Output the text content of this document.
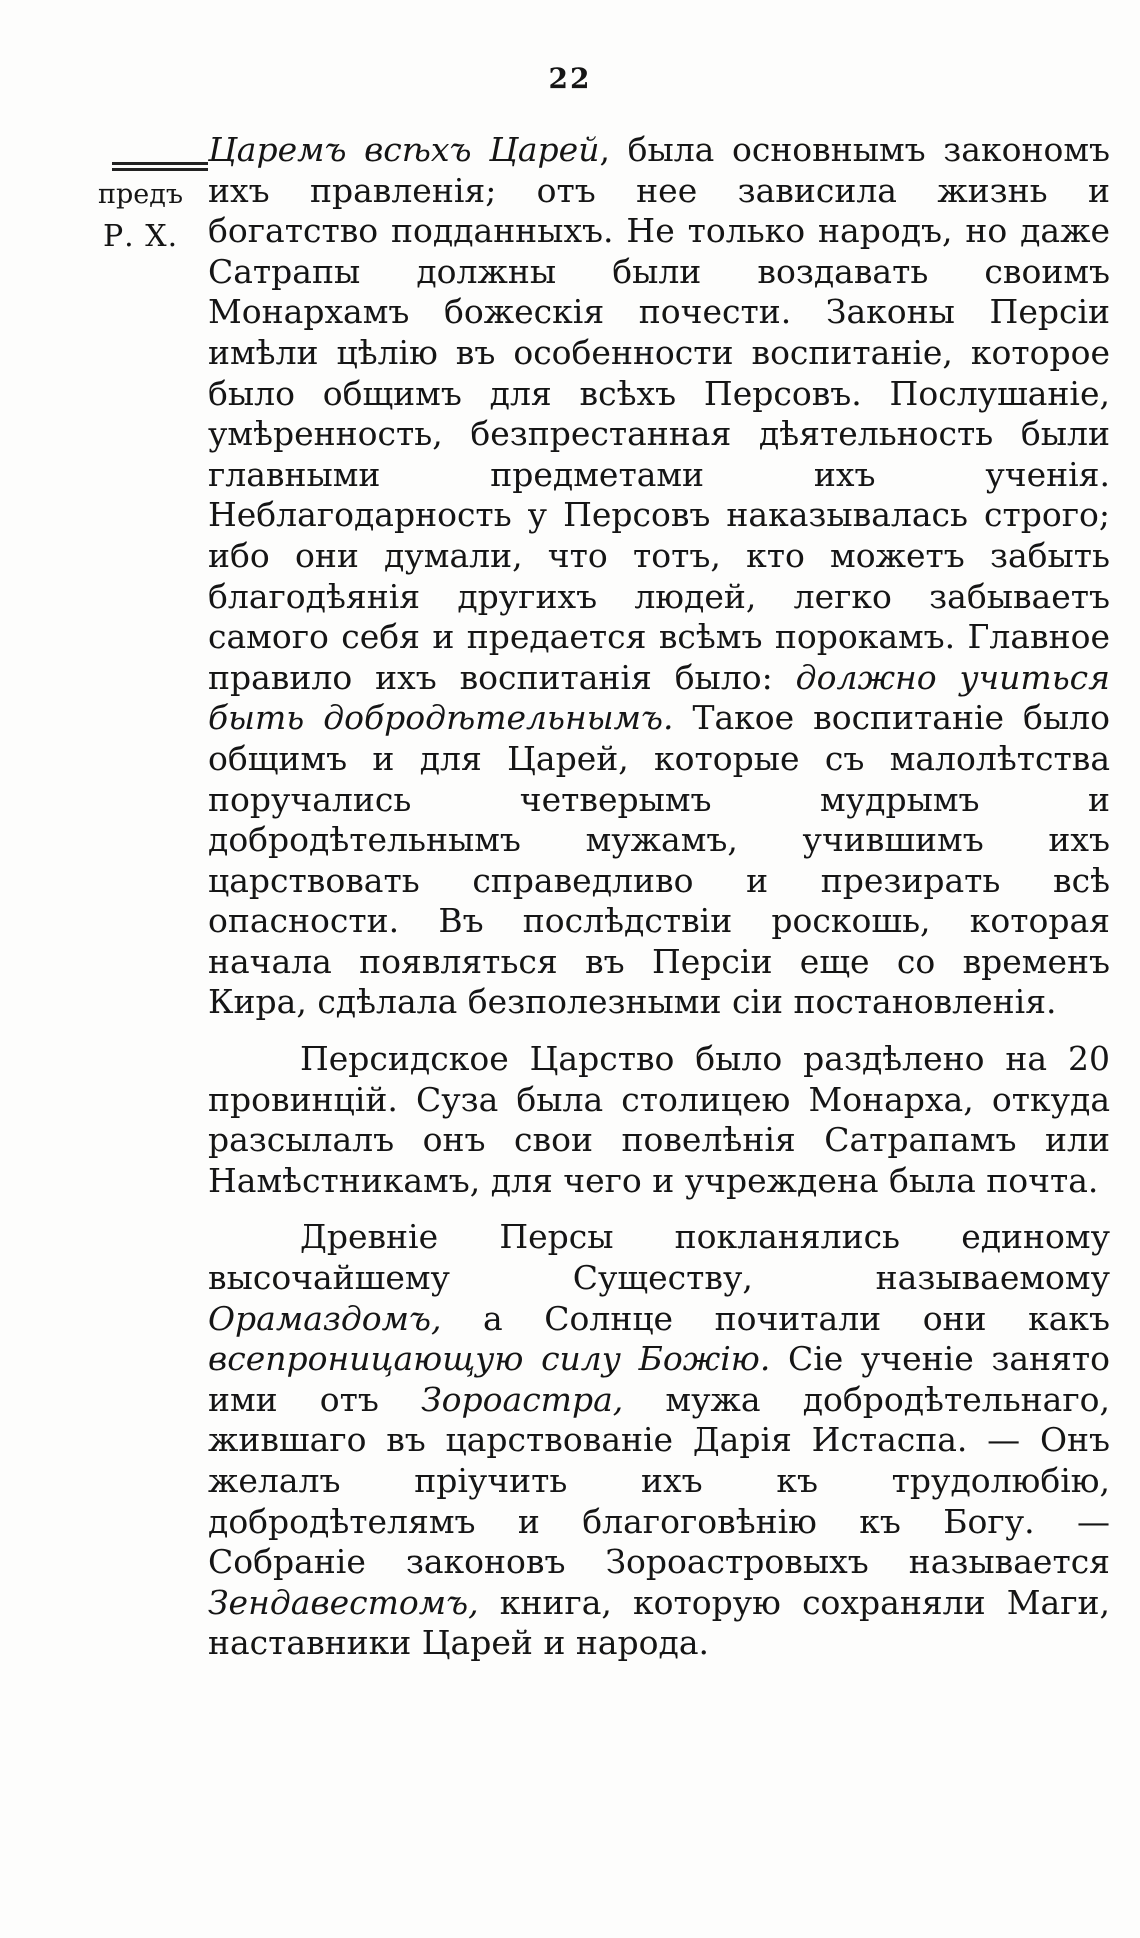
22
предъ
Р. Х.

Царемъ всѣхъ Царей, была основнымъ закономъ ихъ правленія; отъ нее зависила жизнь и богатство подданныхъ. Не только народъ, но даже Сатрапы должны были воздавать своимъ Монархамъ божескія почести. Законы Персіи имѣли цѣлію въ особенности воспитаніе, которое было общимъ для всѣхъ Персовъ. Послушаніе, умѣренность, безпрестанная дѣятельность были главными предметами ихъ ученія. Неблагодарность у Персовъ наказывалась строго; ибо они думали, что тотъ, кто можетъ забыть благодѣянія другихъ людей, легко забываетъ самого себя и предается всѣмъ порокамъ. Главное правило ихъ воспитанія было: должно учиться быть добродѣтельнымъ. Такое воспитаніе было общимъ и для Царей, которые съ малолѣтства поручались четверымъ мудрымъ и добродѣтельнымъ мужамъ, учившимъ ихъ царствовать справедливо и презирать всѣ опасности. Въ послѣдствіи роскошь, которая начала появляться въ Персіи еще со временъ Кира, сдѣлала безполезными сіи постановленія.

Персидское Царство было раздѣлено на 20 провинцій. Суза была столицею Монарха, откуда разсылалъ онъ свои повелѣнія Сатрапамъ или Намѣстникамъ, для чего и учреждена была почта.

Древніе Персы покланялись единому высочайшему Существу, называемому Орамаздомъ, а Солнце почитали они какъ всепроницающую силу Божію. Сіе ученіе занято ими отъ Зороастра, мужа добродѣтельнаго, жившаго въ царствованіе Дарія Истаспа. — Онъ желалъ пріучить ихъ къ трудолюбію, добродѣтелямъ и благоговѣнію къ Богу. — Собраніе законовъ Зороастровыхъ называется Зендавестомъ, книга, которую сохраняли Маги, наставники Царей и народа.
